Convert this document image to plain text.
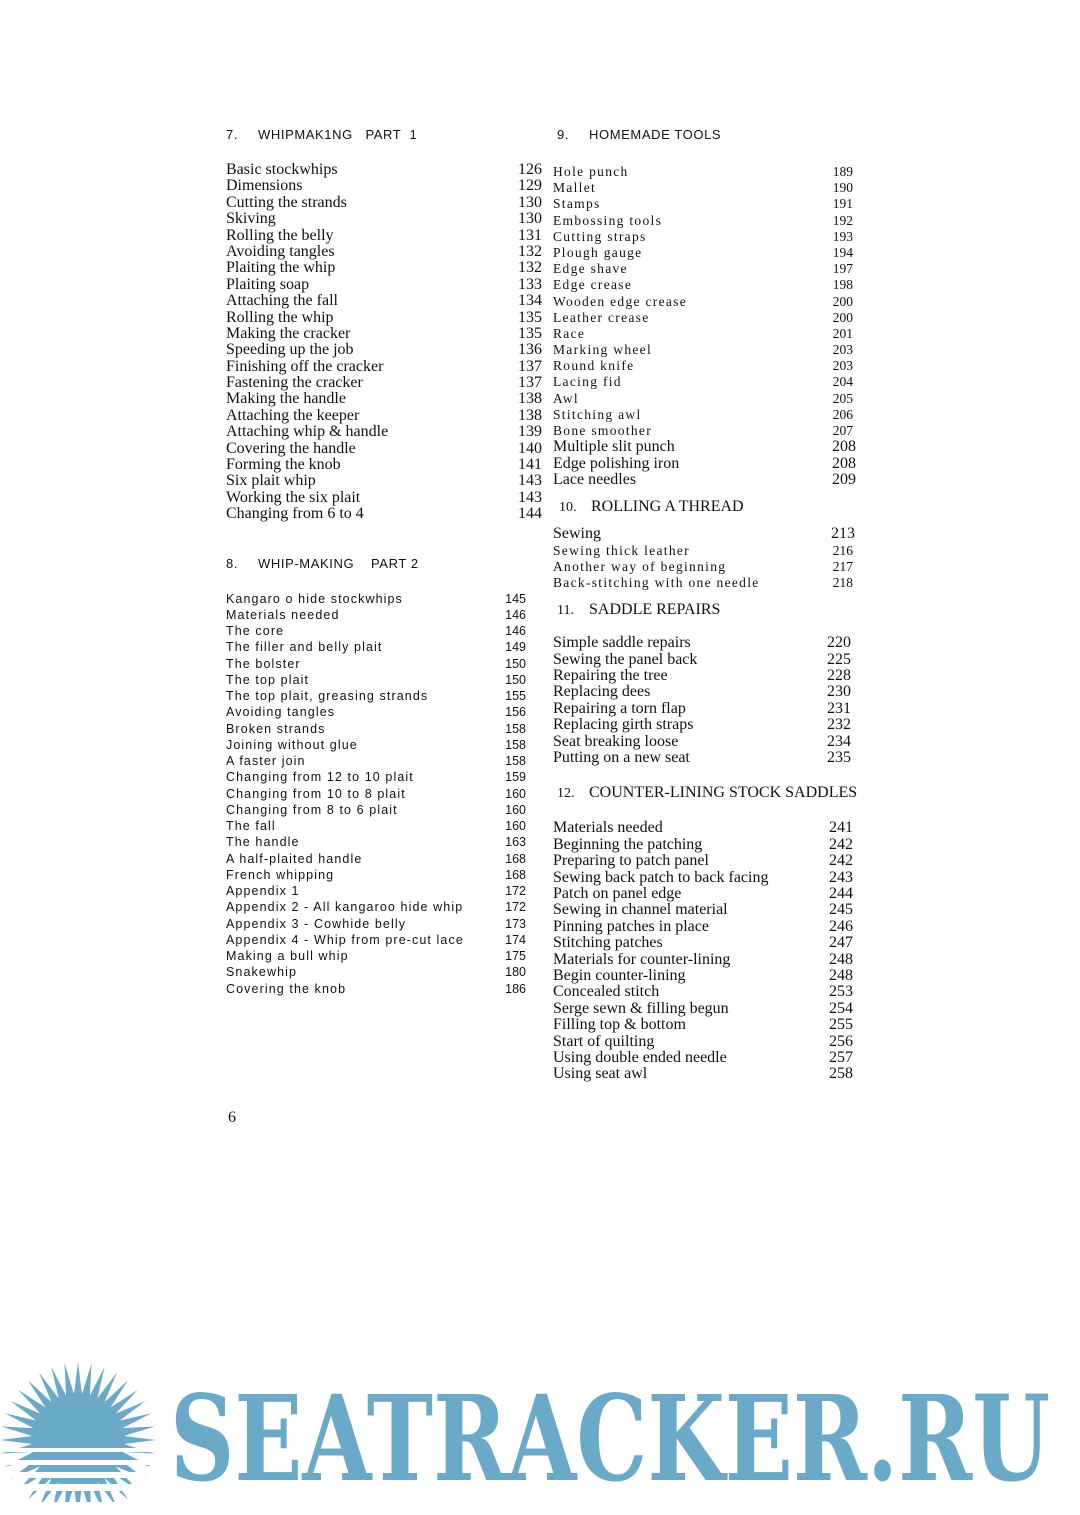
7. WHIPMAK1NG   PART  1
Basic stockwhips	126
Dimensions	129
Cutting the strands	130
Skiving	130
Rolling the belly	131
Avoiding tangles	132
Plaiting the whip	132
Plaiting soap	133
Attaching the fall	134
Rolling the whip	135
Making the cracker	135
Speeding up the job	136
Finishing off the cracker	137
Fastening the cracker	137
Making the handle	138
Attaching the keeper	138
Attaching whip & handle	139
Covering the handle	140
Forming the knob	141
Six plait whip	143
Working the six plait	143
Changing from 6 to 4	144
8. WHIP-MAKING    PART 2
Kangaro o hide stockwhips	145
Materials needed	146
The core	146
The filler and belly plait	149
The bolster	150
The top plait	150
The top plait, greasing strands	155
Avoiding tangles	156
Broken strands	158
Joining without glue	158
A faster join	158
Changing from 12 to 10 plait	159
Changing from 10 to 8 plait	160
Changing from 8 to 6 plait	160
The fall	160
The handle	163
A half-plaited handle	168
French whipping	168
Appendix 1	172
Appendix 2 - All kangaroo hide whip	172
Appendix 3 - Cowhide belly	173
Appendix 4 - Whip from pre-cut lace	174
Making a bull whip	175
Snakewhip	180
Covering the knob	186
9. HOMEMADE TOOLS
Hole punch	189
Mallet	190
Stamps	191
Embossing tools	192
Cutting straps	193
Plough gauge	194
Edge shave	197
Edge crease	198
Wooden edge crease	200
Leather crease	200
Race	201
Marking wheel	203
Round knife	203
Lacing fid	204
Awl	205
Stitching awl	206
Bone smoother	207
Multiple slit punch	208
Edge polishing iron	208
Lace needles	209
10. ROLLING A THREAD
Sewing	213
Sewing thick leather	216
Another way of beginning	217
Back-stitching with one needle	218
11. SADDLE REPAIRS
Simple saddle repairs	220
Sewing the panel back	225
Repairing the tree	228
Replacing dees	230
Repairing a torn flap	231
Replacing girth straps	232
Seat breaking loose	234
Putting on a new seat	235
12. COUNTER-LINING STOCK SADDLES
Materials needed	241
Beginning the patching	242
Preparing to patch panel	242
Sewing back patch to back facing	243
Patch on panel edge	244
Sewing in channel material	245
Pinning patches in place	246
Stitching patches	247
Materials for counter-lining	248
Begin counter-lining	248
Concealed stitch	253
Serge sewn & filling begun	254
Filling top & bottom	255
Start of quilting	256
Using double ended needle	257
Using seat awl	258
6
SEATRACKER.RU
